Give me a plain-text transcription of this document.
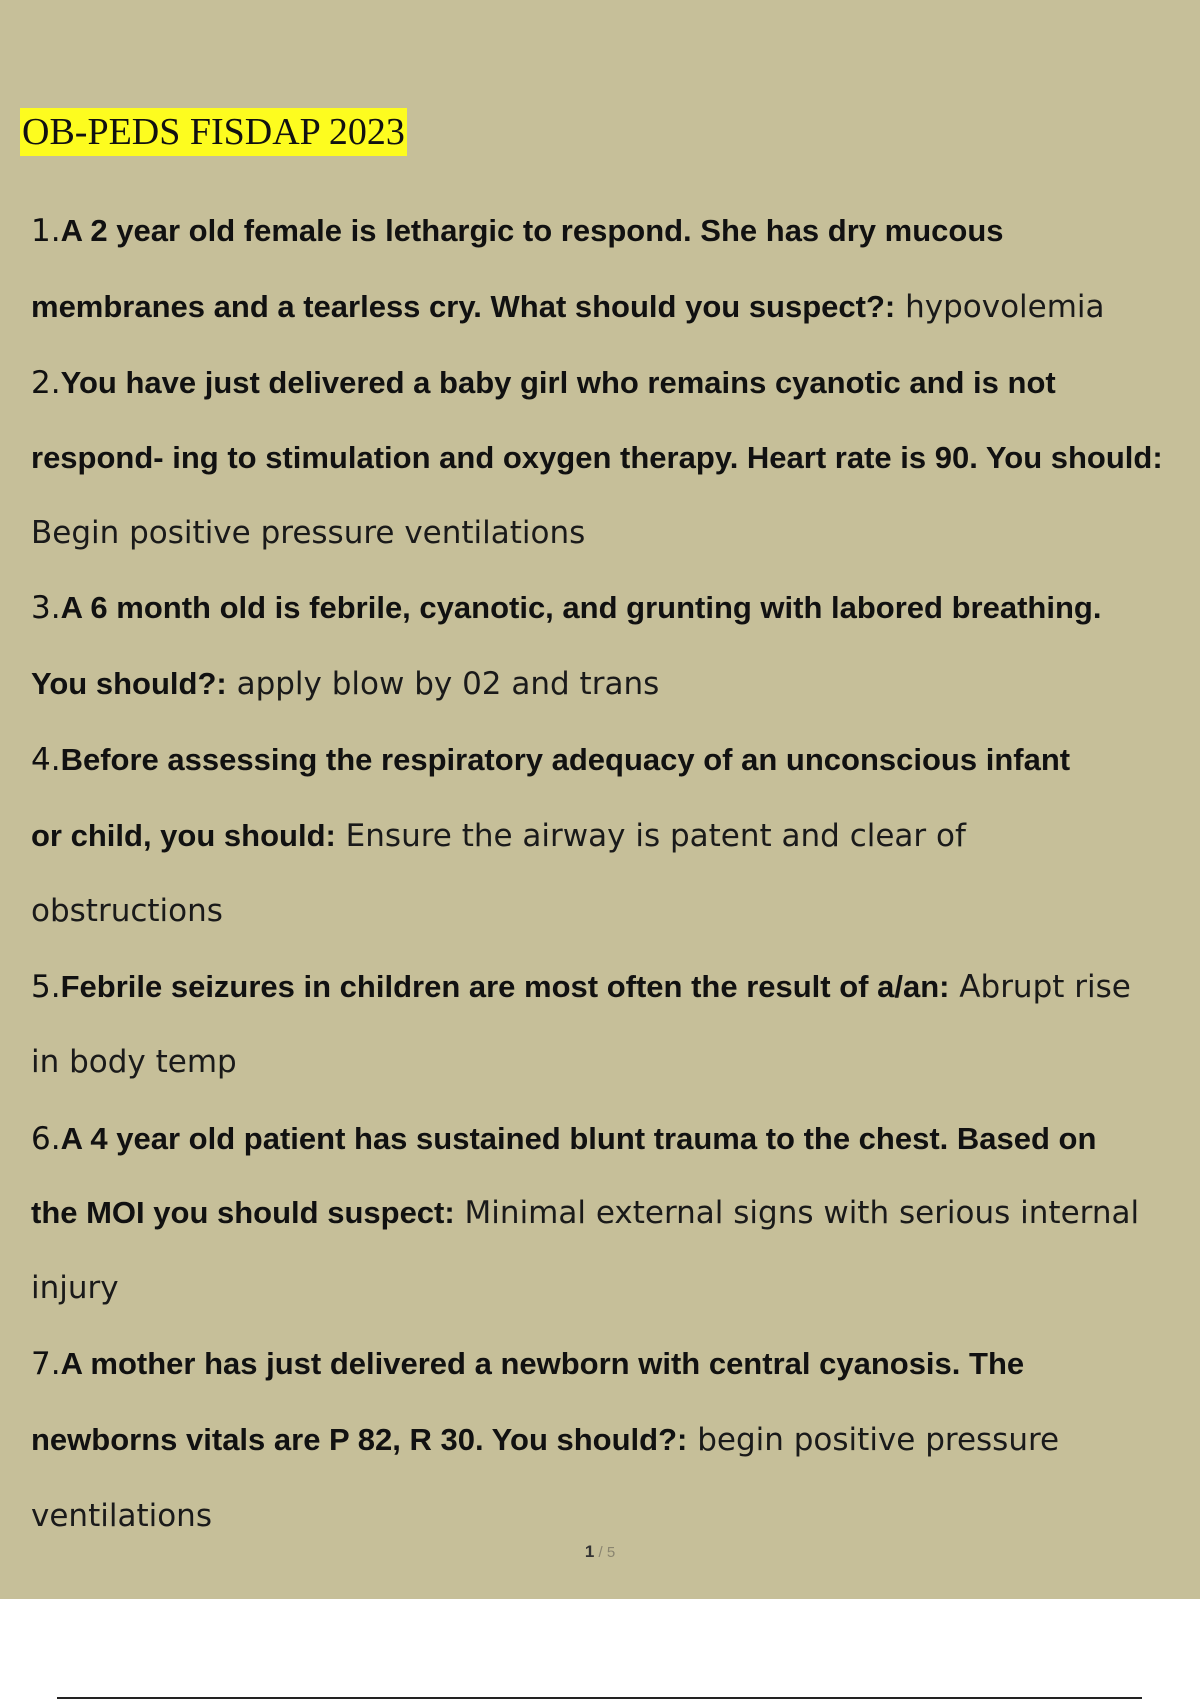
OB-PEDS FISDAP 2023
1.A 2 year old female is lethargic to respond. She has dry mucous
membranes and a tearless cry. What should you suspect?: hypovolemia
2.You have just delivered a baby girl who remains cyanotic and is not
respond- ing to stimulation and oxygen therapy. Heart rate is 90. You should:
Begin positive pressure ventilations
3.A 6 month old is febrile, cyanotic, and grunting with labored breathing.
You should?: apply blow by 02 and trans
4.Before assessing the respiratory adequacy of an unconscious infant
or child, you should: Ensure the airway is patent and clear of
obstructions
5.Febrile seizures in children are most often the result of a/an: Abrupt rise
in body temp
6.A 4 year old patient has sustained blunt trauma to the chest. Based on
the MOI you should suspect: Minimal external signs with serious internal
injury
7.A mother has just delivered a newborn with central cyanosis. The
newborns vitals are P 82, R 30. You should?: begin positive pressure
ventilations
1 / 5
